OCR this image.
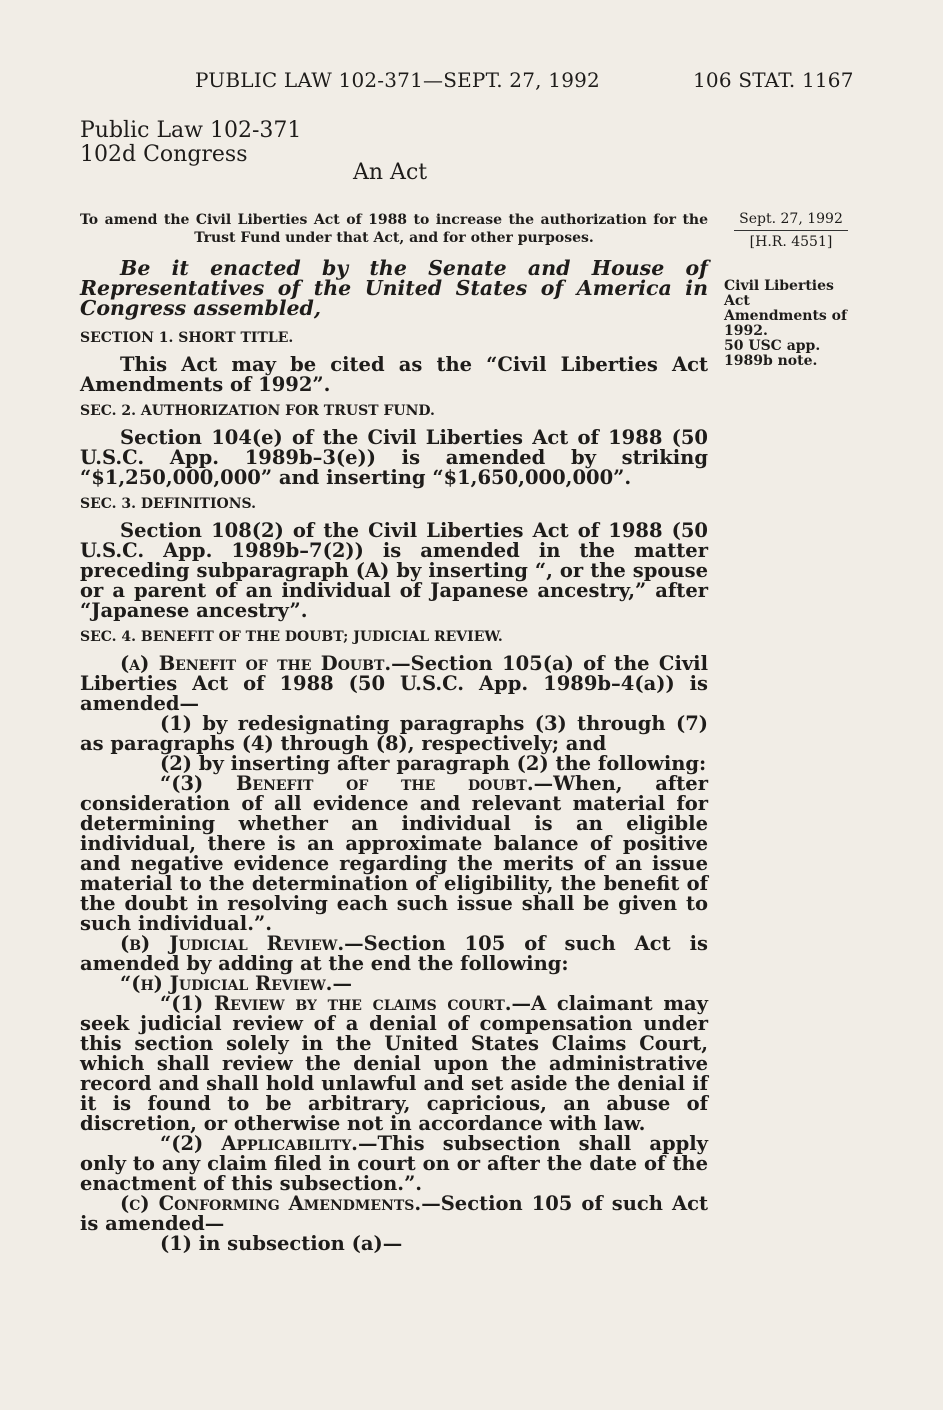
PUBLIC LAW 102-371—SEPT. 27, 1992	106 STAT. 1167
Public Law 102-371
102d Congress
An Act
To amend the Civil Liberties Act of 1988 to increase the authorization for the
Trust Fund under that Act, and for other purposes.
Sept. 27, 1992
[H.R. 4551]
Civil Liberties
Act
Amendments of
1992.
50 USC app.
1989b note.

Be it enacted by the Senate and House of Representatives of the United States of America in Congress assembled,

SECTION 1. SHORT TITLE.

This Act may be cited as the “Civil Liberties Act Amendments of 1992”.

SEC. 2. AUTHORIZATION FOR TRUST FUND.

Section 104(e) of the Civil Liberties Act of 1988 (50 U.S.C. App. 1989b–3(e)) is amended by striking “$1,250,000,000” and inserting “$1,650,000,000”.

SEC. 3. DEFINITIONS.

Section 108(2) of the Civil Liberties Act of 1988 (50 U.S.C. App. 1989b–7(2)) is amended in the matter preceding subparagraph (A) by inserting “, or the spouse or a parent of an individual of Japanese ancestry,” after “Japanese ancestry”.

SEC. 4. BENEFIT OF THE DOUBT; JUDICIAL REVIEW.

(a) Benefit of the Doubt.—Section 105(a) of the Civil Liberties Act of 1988 (50 U.S.C. App. 1989b–4(a)) is amended—

(1) by redesignating paragraphs (3) through (7) as paragraphs (4) through (8), respectively; and

(2) by inserting after paragraph (2) the following:

“(3) Benefit of the doubt.—When, after consideration of all evidence and relevant material for determining whether an individual is an eligible individual, there is an approximate balance of positive and negative evidence regarding the merits of an issue material to the determination of eligibility, the benefit of the doubt in resolving each such issue shall be given to such individual.”.

(b) Judicial Review.—Section 105 of such Act is amended by adding at the end the following:

“(h) Judicial Review.—

“(1) Review by the claims court.—A claimant may seek judicial review of a denial of compensation under this section solely in the United States Claims Court, which shall review the denial upon the administrative record and shall hold unlawful and set aside the denial if it is found to be arbitrary, capricious, an abuse of discretion, or otherwise not in accordance with law.

“(2) Applicability.—This subsection shall apply only to any claim filed in court on or after the date of the enactment of this subsection.”.

(c) Conforming Amendments.—Section 105 of such Act is amended—

(1) in subsection (a)—
